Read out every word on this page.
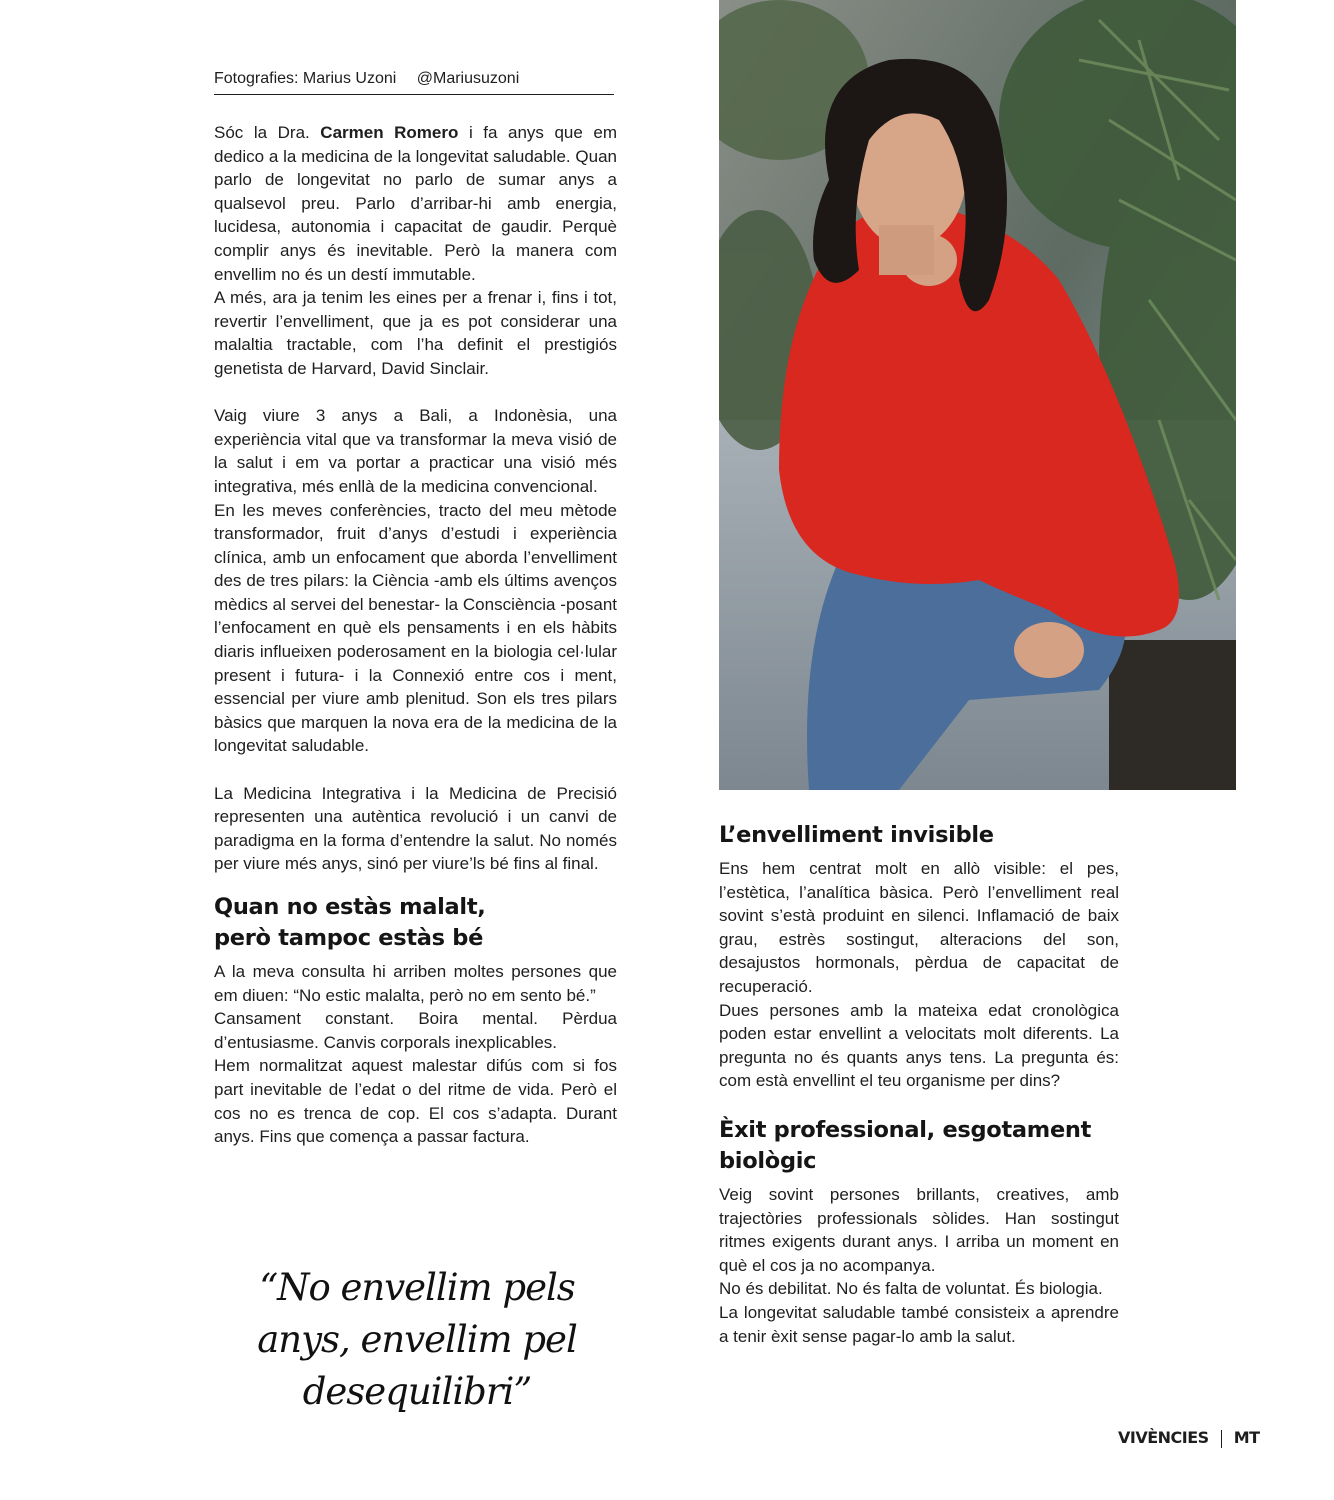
Fotografies: Marius Uzoni @Mariusuzoni

Sóc la Dra. Carmen Romero i fa anys que em dedico a la medicina de la longevitat saludable. Quan parlo de longevitat no parlo de sumar anys a qualsevol preu. Parlo d’arribar-hi amb energia, lucidesa, autonomia i capacitat de gaudir. Perquè complir anys és inevitable. Però la manera com envellim no és un destí immutable.

A més, ara ja tenim les eines per a frenar i, fins i tot, revertir l’envelliment, que ja es pot considerar una malaltia tractable, com l’ha definit el prestigiós genetista de Harvard, David Sinclair.

Vaig viure 3 anys a Bali, a Indonèsia, una experiència vital que va transformar la meva visió de la salut i em va portar a practicar una visió més integrativa, més enllà de la medicina convencional.

En les meves conferències, tracto del meu mètode transformador, fruit d’anys d’estudi i experiència clínica, amb un enfocament que aborda l’envelliment des de tres pilars: la Ciència -amb els últims avenços mèdics al servei del benestar- la Consciència -posant l’enfocament en què els pensaments i en els hàbits diaris influeixen poderosament en la biologia cel·lular present i futura- i la Connexió entre cos i ment, essencial per viure amb plenitud. Son els tres pilars bàsics que marquen la nova era de la medicina de la longevitat saludable.

La Medicina Integrativa i la Medicina de Precisió representen una autèntica revolució i un canvi de paradigma en la forma d’entendre la salut. No només per viure més anys, sinó per viure’ls bé fins al final.

Quan no estàs malalt, però tampoc estàs bé

A la meva consulta hi arriben moltes persones que em diuen: “No estic malalta, però no em sento bé.”

Cansament constant. Boira mental. Pèrdua d’entusiasme. Canvis corporals inexplicables.

Hem normalitzat aquest malestar difús com si fos part inevitable de l’edat o del ritme de vida. Però el cos no es trenca de cop. El cos s’adapta. Durant anys. Fins que comença a passar factura.

“No envellim pels anys, envellim pel desequilibri”
L’envelliment invisible

Ens hem centrat molt en allò visible: el pes, l’estètica, l’analítica bàsica. Però l’envelliment real sovint s’està produint en silenci. Inflamació de baix grau, estrès sostingut, alteracions del son, desajustos hormonals, pèrdua de capacitat de recuperació.

Dues persones amb la mateixa edat cronològica poden estar envellint a velocitats molt diferents. La pregunta no és quants anys tens. La pregunta és: com està envellint el teu organisme per dins?

Èxit professional, esgotament biològic

Veig sovint persones brillants, creatives, amb trajectòries professionals sòlides. Han sostingut ritmes exigents durant anys. I arriba un moment en què el cos ja no acompanya.

No és debilitat. No és falta de voluntat. És biologia.

La longevitat saludable també consisteix a aprendre a tenir èxit sense pagar-lo amb la salut.

VIVÈNCIES MT
